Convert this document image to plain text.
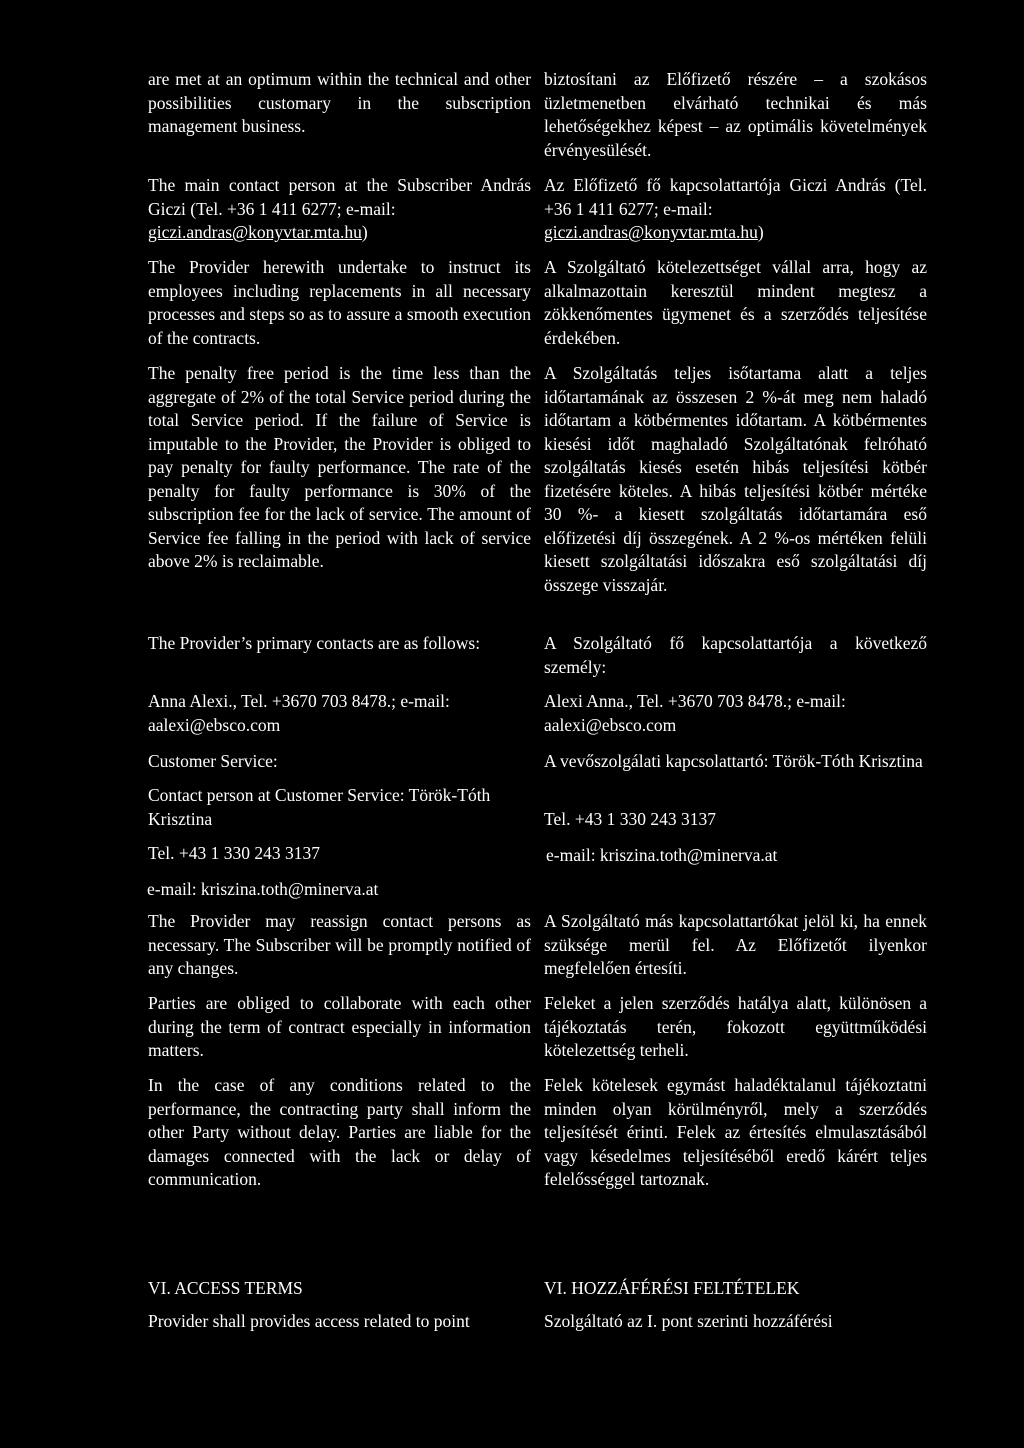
are met at an optimum within the technical and other possibilities customary in the subscription management business.

The main contact person at the Subscriber András Giczi (Tel. +36 1 411 6277; e-mail:
giczi.andras@konyvtar.mta.hu)

The Provider herewith undertake to instruct its employees including replacements in all necessary processes and steps so as to assure a smooth execution of the contracts.

The penalty free period is the time less than the aggregate of 2% of the total Service period during the total Service period. If the failure of Service is imputable to the Provider, the Provider is obliged to pay penalty for faulty performance. The rate of the penalty for faulty performance is 30% of the subscription fee for the lack of service. The amount of Service fee falling in the period with lack of service above 2% is reclaimable.

The Provider’s primary contacts are as follows:

Anna Alexi., Tel. +3670 703 8478.; e-mail: aalexi@ebsco.com

Customer Service:

Contact person at Customer Service: Török-Tóth Krisztina

Tel. +43 1 330 243 3137

e-mail: kriszina.toth@minerva.at

The Provider may reassign contact persons as necessary. The Subscriber will be promptly notified of any changes.

Parties are obliged to collaborate with each other during the term of contract especially in information matters.

In the case of any conditions related to the performance, the contracting party shall inform the other Party without delay. Parties are liable for the damages connected with the lack or delay of communication.

VI. ACCESS TERMS

Provider shall provides access related to point

biztosítani az Előfizető részére – a szokásos üzletmenetben elvárható technikai és más lehetőségekhez képest – az optimális követelmények érvényesülését.

Az Előfizető fő kapcsolattartója Giczi András (Tel. +36 1 411 6277; e-mail:
giczi.andras@konyvtar.mta.hu)

A Szolgáltató kötelezettséget vállal arra, hogy az alkalmazottain keresztül mindent megtesz a zökkenőmentes ügymenet és a szerződés teljesítése érdekében.

A Szolgáltatás teljes isőtartama alatt a teljes időtartamának az összesen 2 %-át meg nem haladó időtartam a kötbérmentes időtartam. A kötbérmentes kiesési időt maghaladó Szolgáltatónak felróható szolgáltatás kiesés esetén hibás teljesítési kötbér fizetésére köteles. A hibás teljesítési kötbér mértéke 30 %- a kiesett szolgáltatás időtartamára eső előfizetési díj összegének. A 2 %-os mértéken felüli kiesett szolgáltatási időszakra eső szolgáltatási díj összege visszajár.

A Szolgáltató fő kapcsolattartója a következő személy:

Alexi Anna., Tel. +3670 703 8478.; e-mail: aalexi@ebsco.com

A vevőszolgálati kapcsolattartó: Török-Tóth Krisztina

Tel. +43 1 330 243 3137

e-mail: kriszina.toth@minerva.at

A Szolgáltató más kapcsolattartókat jelöl ki, ha ennek szüksége merül fel. Az Előfizetőt ilyenkor megfelelően értesíti.

Feleket a jelen szerződés hatálya alatt, különösen a tájékoztatás terén, fokozott együttműködési kötelezettség terheli.

Felek kötelesek egymást haladéktalanul tájékoztatni minden olyan körülményről, mely a szerződés teljesítését érinti. Felek az értesítés elmulasztásából vagy késedelmes teljesítéséből eredő kárért teljes felelősséggel tartoznak.

VI. HOZZÁFÉRÉSI FELTÉTELEK

Szolgáltató az I. pont szerinti hozzáférési
